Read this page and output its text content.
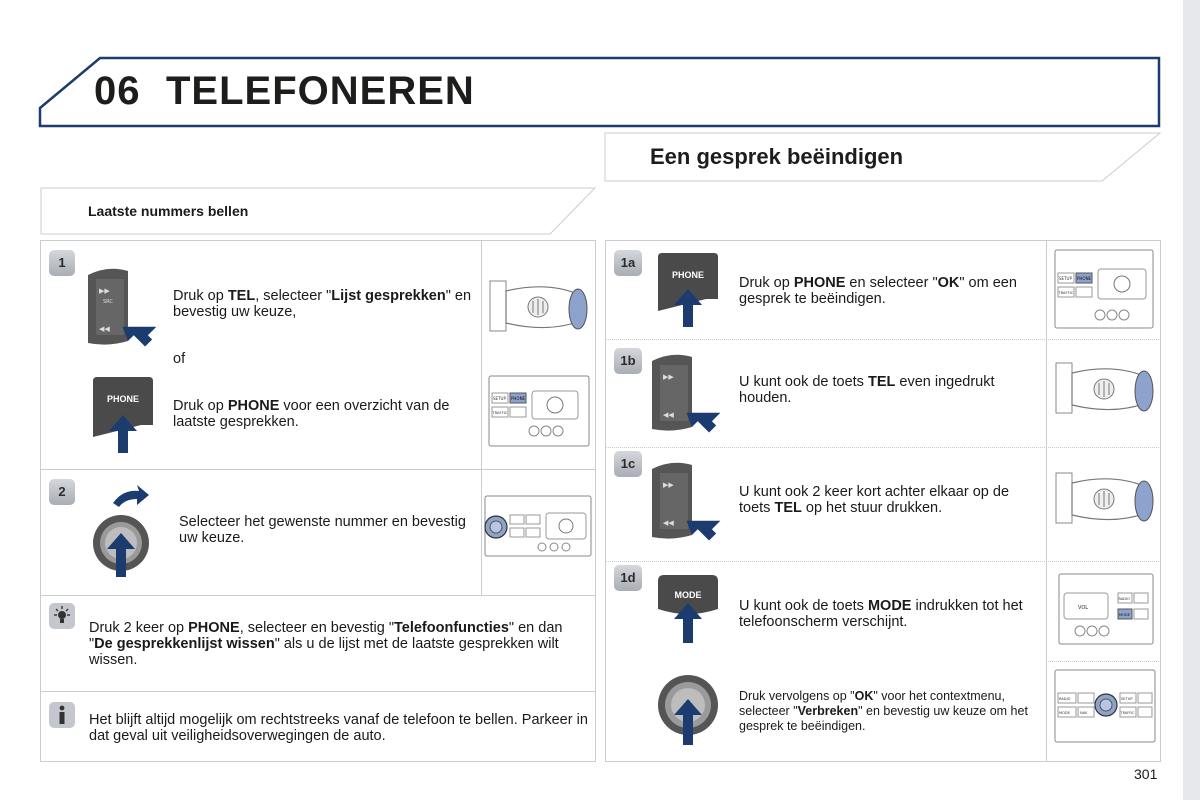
06 TELEFONEREN
Een gesprek beëindigen
Laatste nummers bellen
1
▶▶
SRC
◀◀
Druk op TEL, selecteer "Lijst gesprekken" en bevestig uw keuze,
of
PHONE Druk op PHONE voor een overzicht van de laatste gesprekken.
SETUP PHONE
TRAFFIC
2
Selecteer het gewenste nummer en bevestig uw keuze.
Druk 2 keer op PHONE, selecteer en bevestig "Telefoonfuncties" en dan "De gesprekkenlijst wissen" als u de lijst met de laatste gesprekken wilt wissen.
Het blijft altijd mogelijk om rechtstreeks vanaf de telefoon te bellen. Parkeer in dat geval uit veiligheidsoverwegingen de auto.
1a
PHONE Druk op PHONE en selecteer "OK" om een gesprek te beëindigen.
SETUP PHONE
TRAFFIC
1b
▶▶
◀◀
U kunt ook de toets TEL even ingedrukt houden.
1c
▶▶
◀◀
U kunt ook 2 keer kort achter elkaar op de toets TEL op het stuur drukken.
1d
MODE
U kunt ook de toets MODE indrukken tot het telefoonscherm verschijnt.
VOL
RADIO
MODE
Druk vervolgens op "OK" voor het contextmenu, selecteer "Verbreken" en bevestig uw keuze om het gesprek te beëindigen.
RADIO
MODE	NAV
SETUP
TRAFFIC
301
